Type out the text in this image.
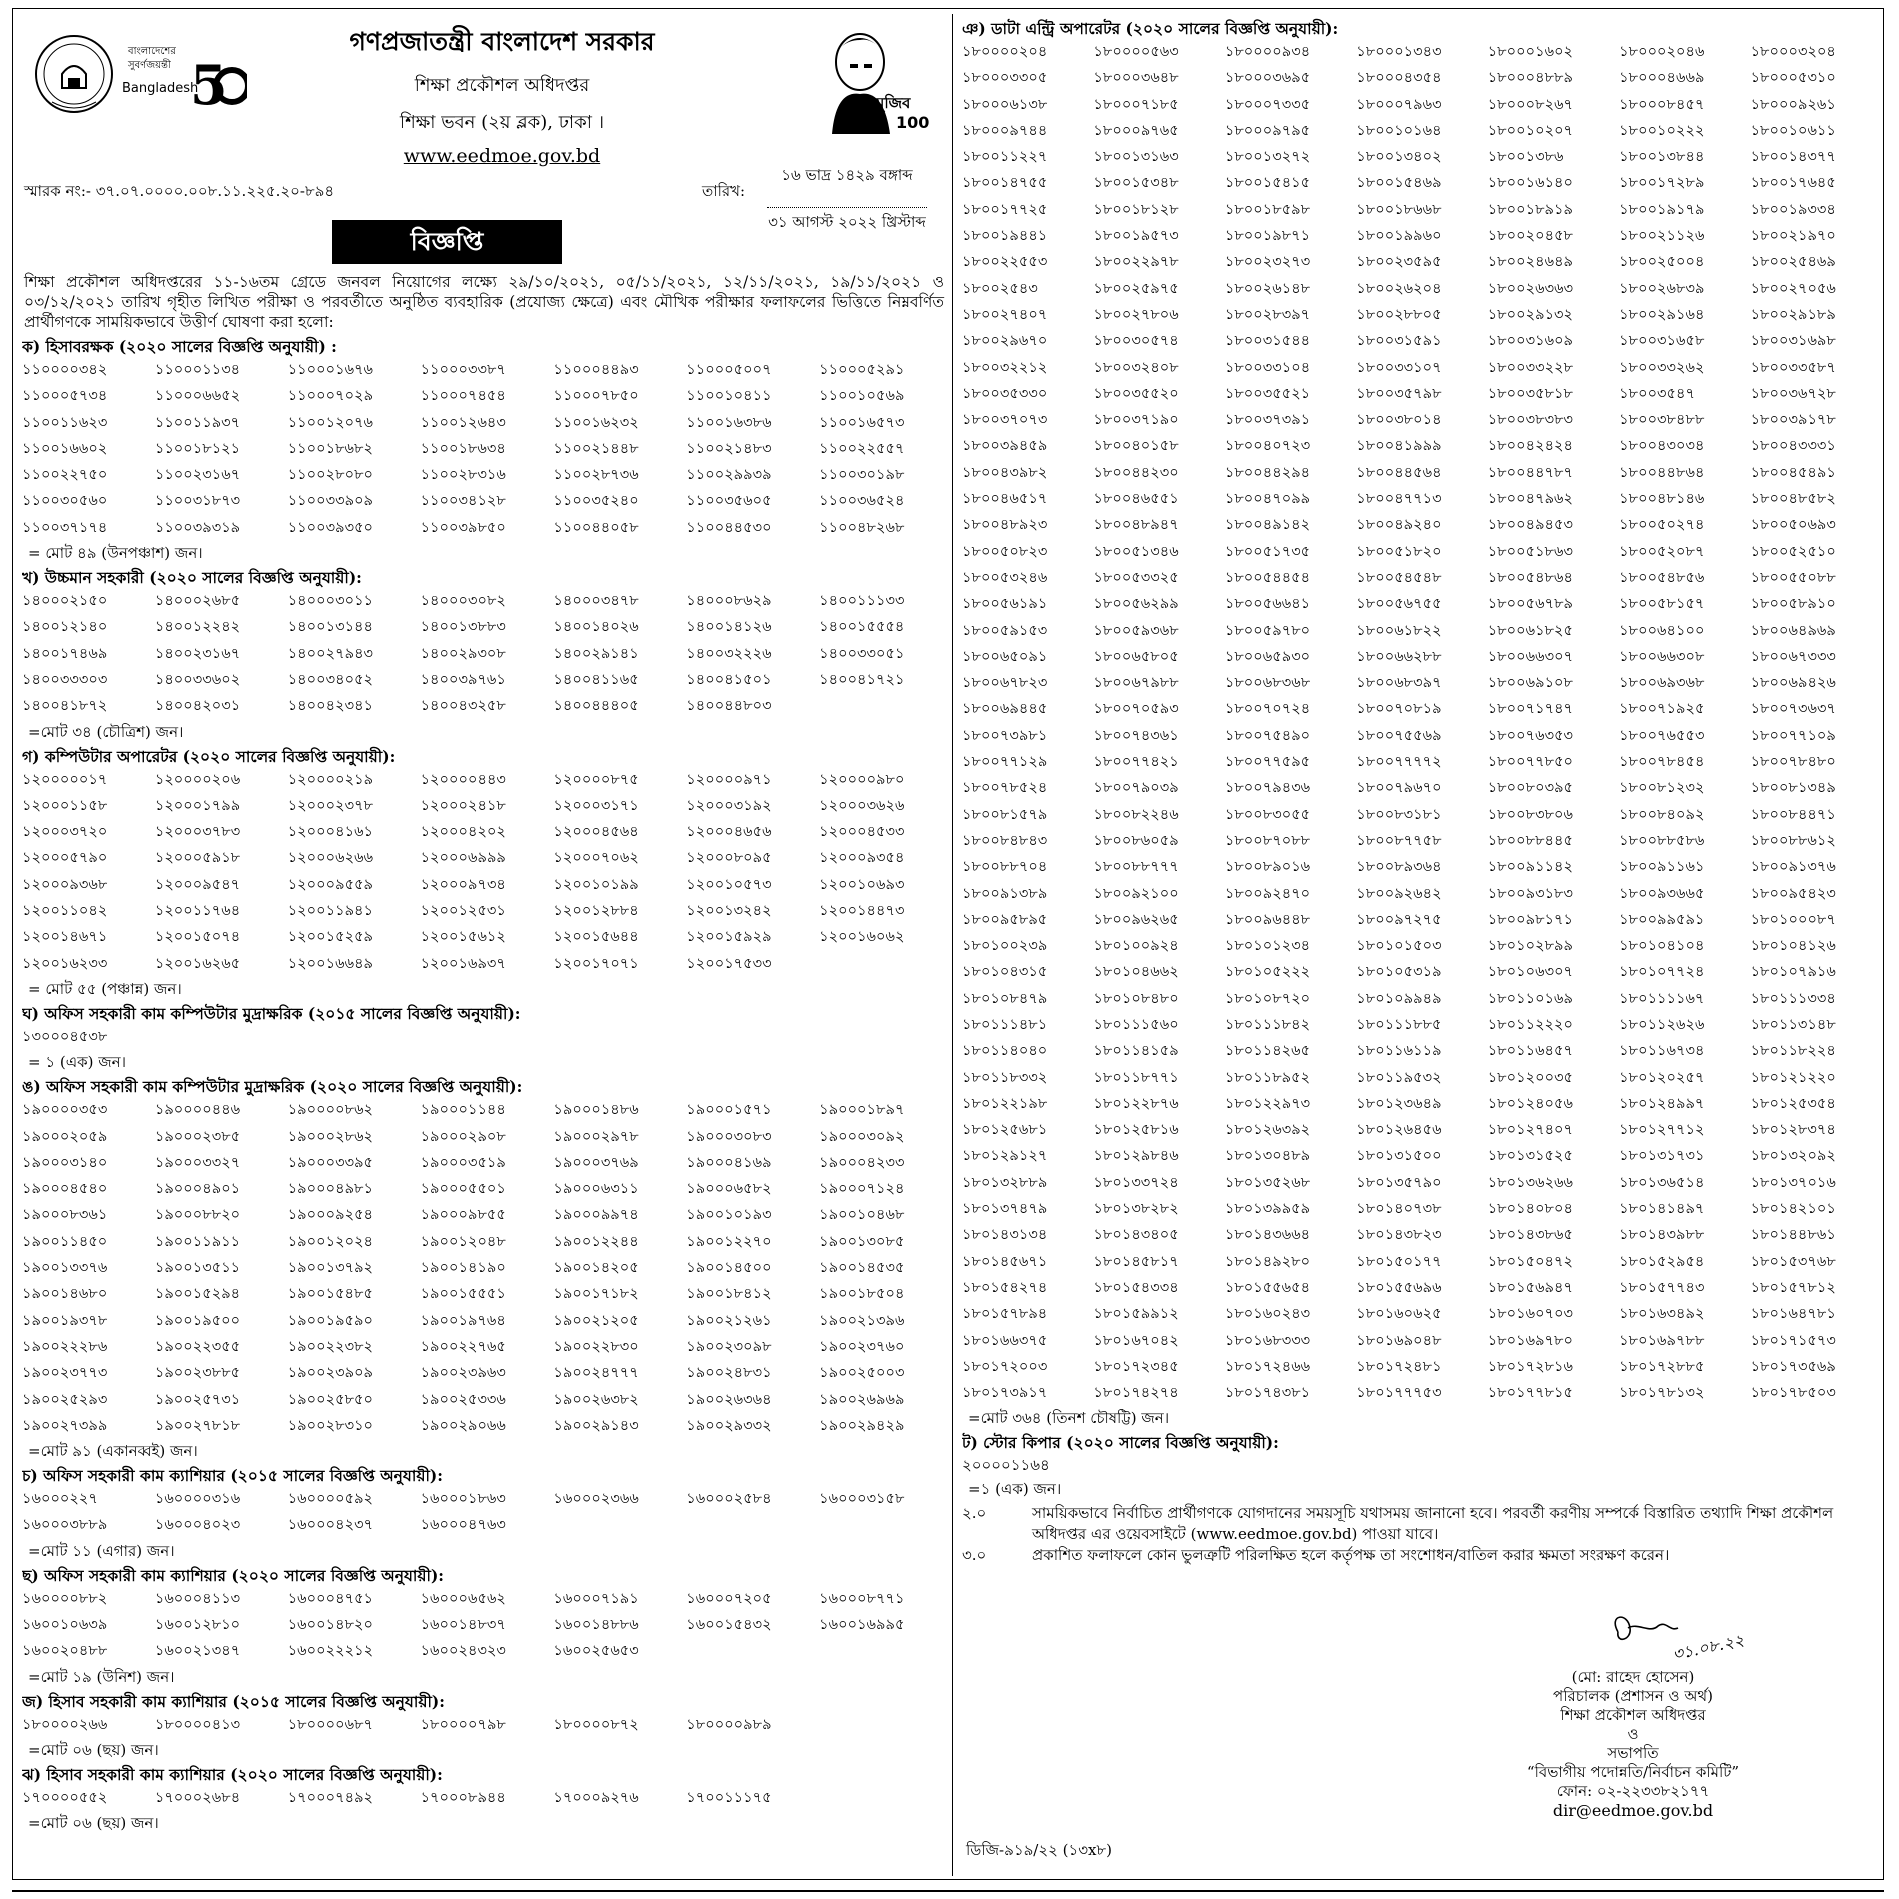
বাংলাদেশের
সুবর্ণজয়ন্তী
Bangladesh
5
গণপ্রজাতন্ত্রী বাংলাদেশ সরকার
শিক্ষা প্রকৌশল অধিদপ্তর
শিক্ষা ভবন (২য় ব্লক), ঢাকা ।
www.eedmoe.gov.bd
মুজিব
100
স্মারক নং:- ৩৭.০৭.০০০০.০০৮.১১.২২৫.২০-৮৯৪	তারিখ:
১৬ ভাদ্র ১৪২৯ বঙ্গাব্দ
৩১ আগস্ট ২০২২ খ্রিস্টাব্দ
বিজ্ঞপ্তি
শিক্ষা প্রকৌশল অধিদপ্তরের ১১-১৬তম গ্রেডে জনবল নিয়োগের লক্ষ্যে ২৯/১০/২০২১, ০৫/১১/২০২১, ১২/১১/২০২১, ১৯/১১/২০২১ ও ০৩/১২/২০২১ তারিখ গৃহীত লিখিত পরীক্ষা ও পরবর্তীতে অনুষ্ঠিত ব্যবহারিক (প্রযোজ্য ক্ষেত্রে) এবং মৌখিক পরীক্ষার ফলাফলের ভিত্তিতে নিম্নবর্ণিত প্রার্থীগণকে সাময়িকভাবে উত্তীর্ণ ঘোষণা করা হলো:
ক) হিসাবরক্ষক (২০২০ সালের বিজ্ঞপ্তি অনুযায়ী) :
১১০০০০৩৪২	১১০০০১১৩৪	১১০০০১৬৭৬	১১০০০৩৩৮৭	১১০০০৪৪৯৩	১১০০০৫০০৭	১১০০০৫২৯১
১১০০০৫৭৩৪	১১০০০৬৬৫২	১১০০০৭০২৯	১১০০০৭৪৫৪	১১০০০৭৮৫০	১১০০১০৪১১	১১০০১০৫৬৯
১১০০১১৬২৩	১১০০১১৯৩৭	১১০০১২০৭৬	১১০০১২৬৪৩	১১০০১৬২৩২	১১০০১৬৩৮৬	১১০০১৬৫৭৩
১১০০১৬৬০২	১১০০১৮১২১	১১০০১৮৬৮২	১১০০১৮৬৩৪	১১০০২১৪৪৮	১১০০২১৪৮৩	১১০০২২৫৫৭
১১০০২২৭৫০	১১০০২৩১৬৭	১১০০২৮০৮০	১১০০২৮৩১৬	১১০০২৮৭৩৬	১১০০২৯৯৩৯	১১০০৩০১৯৮
১১০০৩০৫৬০	১১০০৩১৮৭৩	১১০০৩৩৯০৯	১১০০৩৪১২৮	১১০০৩৫২৪০	১১০০৩৫৬০৫	১১০০৩৬৫২৪
১১০০৩৭১৭৪	১১০০৩৯৩১৯	১১০০৩৯৩৫০	১১০০৩৯৮৫০	১১০০৪৪০৫৮	১১০০৪৪৫৩০	১১০০৪৮২৬৮
= মোট ৪৯ (উনপঞ্চাশ) জন।
খ) উচ্চমান সহকারী (২০২০ সালের বিজ্ঞপ্তি অনুযায়ী):
১৪০০০২১৫০	১৪০০০২৬৮৫	১৪০০০৩০১১	১৪০০০৩০৮২	১৪০০০৩৪৭৮	১৪০০০৮৬২৯	১৪০০১১১৩৩
১৪০০১২১৪০	১৪০০১২২৪২	১৪০০১৩১৪৪	১৪০০১৩৮৮৩	১৪০০১৪০২৬	১৪০০১৪১২৬	১৪০০১৫৫৫৪
১৪০০১৭৪৬৯	১৪০০২৩১৬৭	১৪০০২৭৯৪৩	১৪০০২৯৩০৮	১৪০০২৯১৪১	১৪০০৩২২২৬	১৪০০৩৩০৫১
১৪০০৩৩৩০৩	১৪০০৩৩৬০২	১৪০০৩৪০৫২	১৪০০৩৯৭৬১	১৪০০৪১১৬৫	১৪০০৪১৫০১	১৪০০৪১৭২১
১৪০০৪১৮৭২	১৪০০৪২০৩১	১৪০০৪২৩৪১	১৪০০৪৩২৫৮	১৪০০৪৪৪০৫	১৪০০৪৪৮০৩
=মোট ৩৪ (চৌত্রিশ) জন।
গ) কম্পিউটার অপারেটর (২০২০ সালের বিজ্ঞপ্তি অনুযায়ী):
১২০০০০০১৭	১২০০০০২০৬	১২০০০০২১৯	১২০০০০৪৪৩	১২০০০০৮৭৫	১২০০০০৯৭১	১২০০০০৯৮০
১২০০০১১৫৮	১২০০০১৭৯৯	১২০০০২৩৭৮	১২০০০২৪১৮	১২০০০৩১৭১	১২০০০৩১৯২	১২০০০৩৬২৬
১২০০০৩৭২০	১২০০০৩৭৮৩	১২০০০৪১৬১	১২০০০৪২০২	১২০০০৪৫৬৪	১২০০০৪৬৫৬	১২০০০৪৫৩৩
১২০০০৫৭৯০	১২০০০৫৯১৮	১২০০০৬২৬৬	১২০০০৬৯৯৯	১২০০০৭০৬২	১২০০০৮০৯৫	১২০০০৯৩৫৪
১২০০০৯৩৬৮	১২০০০৯৫৪৭	১২০০০৯৫৫৯	১২০০০৯৭৩৪	১২০০১০১৯৯	১২০০১০৫৭৩	১২০০১০৬৯৩
১২০০১১০৪২	১২০০১১৭৬৪	১২০০১১৯৪১	১২০০১২৫৩১	১২০০১২৮৮৪	১২০০১৩২৪২	১২০০১৪৪৭৩
১২০০১৪৬৭১	১২০০১৫০৭৪	১২০০১৫২৫৯	১২০০১৫৬১২	১২০০১৫৬৪৪	১২০০১৫৯২৯	১২০০১৬০৬২
১২০০১৬২৩৩	১২০০১৬২৬৫	১২০০১৬৬৪৯	১২০০১৬৯৩৭	১২০০১৭০৭১	১২০০১৭৫৩৩
= মোট ৫৫ (পঞ্চান্ন) জন।
ঘ) অফিস সহকারী কাম কম্পিউটার মুদ্রাক্ষরিক (২০১৫ সালের বিজ্ঞপ্তি অনুযায়ী):
১৩০০০৪৫৩৮
= ১ (এক) জন।
ঙ) অফিস সহকারী কাম কম্পিউটার মুদ্রাক্ষরিক (২০২০ সালের বিজ্ঞপ্তি অনুযায়ী):
১৯০০০০৩৫৩	১৯০০০০৪৪৬	১৯০০০০৮৬২	১৯০০০১১৪৪	১৯০০০১৪৮৬	১৯০০০১৫৭১	১৯০০০১৮৯৭
১৯০০০২০৫৯	১৯০০০২৩৮৫	১৯০০০২৮৬২	১৯০০০২৯০৮	১৯০০০২৯৭৮	১৯০০০৩০৮৩	১৯০০০৩০৯২
১৯০০০৩১৪০	১৯০০০৩৩২৭	১৯০০০৩৩৯৫	১৯০০০৩৫১৯	১৯০০০৩৭৬৯	১৯০০০৪১৬৯	১৯০০০৪২৩৩
১৯০০০৪৫৪০	১৯০০০৪৯০১	১৯০০০৪৯৮১	১৯০০০৫৫০১	১৯০০০৬৩১১	১৯০০০৬৫৮২	১৯০০০৭১২৪
১৯০০০৮৩৬১	১৯০০০৮৮২০	১৯০০০৯২৫৪	১৯০০০৯৮৫৫	১৯০০০৯৯৭৪	১৯০০১০১৯৩	১৯০০১০৪৬৮
১৯০০১১৪৫০	১৯০০১১৯১১	১৯০০১২০২৪	১৯০০১২০৪৮	১৯০০১২২৪৪	১৯০০১২২৭০	১৯০০১৩০৮৫
১৯০০১৩৩৭৬	১৯০০১৩৫১১	১৯০০১৩৭৯২	১৯০০১৪১৯০	১৯০০১৪২০৫	১৯০০১৪৫০০	১৯০০১৪৫৩৫
১৯০০১৪৬৮০	১৯০০১৫২৯৪	১৯০০১৫৪৮৫	১৯০০১৫৫৫১	১৯০০১৭১৮২	১৯০০১৮৪১২	১৯০০১৮৫০৪
১৯০০১৯৩৭৮	১৯০০১৯৫০০	১৯০০১৯৫৯০	১৯০০১৯৭৬৪	১৯০০২১২০৫	১৯০০২১২৬১	১৯০০২১৩৯৬
১৯০০২২২৮৬	১৯০০২২৩৫৫	১৯০০২২৩৮২	১৯০০২২৭৬৫	১৯০০২২৮৩০	১৯০০২৩০৯৮	১৯০০২৩৭৬০
১৯০০২৩৭৭৩	১৯০০২৩৮৮৫	১৯০০২৩৯০৯	১৯০০২৩৯৬৩	১৯০০২৪৭৭৭	১৯০০২৪৮৩১	১৯০০২৫০০৩
১৯০০২৫২৯৩	১৯০০২৫৭৩১	১৯০০২৫৮৫০	১৯০০২৫৩৩৬	১৯০০২৬৩৮২	১৯০০২৬৩৬৪	১৯০০২৬৯৬৯
১৯০০২৭৩৯৯	১৯০০২৭৮১৮	১৯০০২৮৩১০	১৯০০২৯০৬৬	১৯০০২৯১৪৩	১৯০০২৯৩৩২	১৯০০২৯৪২৯
=মোট ৯১ (একানব্বই) জন।
চ) অফিস সহকারী কাম ক্যাশিয়ার (২০১৫ সালের বিজ্ঞপ্তি অনুযায়ী):
১৬০০০২২৭	১৬০০০০৩১৬	১৬০০০০৫৯২	১৬০০০১৮৬৩	১৬০০০২৩৬৬	১৬০০০২৫৮৪	১৬০০০৩১৫৮
১৬০০০৩৮৮৯	১৬০০০৪০২৩	১৬০০০৪২৩৭	১৬০০০৪৭৬৩
=মোট ১১ (এগার) জন।
ছ) অফিস সহকারী কাম ক্যাশিয়ার (২০২০ সালের বিজ্ঞপ্তি অনুযায়ী):
১৬০০০০৮৮২	১৬০০০৪১১৩	১৬০০০৪৭৫১	১৬০০০৬৫৬২	১৬০০০৭১৯১	১৬০০০৭২০৫	১৬০০০৮৭৭১
১৬০০১০৬৩৯	১৬০০১২৮১০	১৬০০১৪৮২০	১৬০০১৪৮৩৭	১৬০০১৪৮৮৬	১৬০০১৫৪৩২	১৬০০১৬৯৯৫
১৬০০২০৪৮৮	১৬০০২১৩৪৭	১৬০০২২২১২	১৬০০২৪৩২৩	১৬০০২৫৬৫৩
=মোট ১৯ (উনিশ) জন।
জ) হিসাব সহকারী কাম ক্যাশিয়ার (২০১৫ সালের বিজ্ঞপ্তি অনুযায়ী):
১৮০০০০২৬৬	১৮০০০০৪১৩	১৮০০০০৬৮৭	১৮০০০০৭৯৮	১৮০০০০৮৭২	১৮০০০০৯৮৯
=মোট ০৬ (ছয়) জন।
ঝ) হিসাব সহকারী কাম ক্যাশিয়ার (২০২০ সালের বিজ্ঞপ্তি অনুযায়ী):
১৭০০০০৫৫২	১৭০০০২৬৮৪	১৭০০০৭৪৯২	১৭০০০৮৯৪৪	১৭০০০৯২৭৬	১৭০০১১১৭৫
=মোট ০৬ (ছয়) জন।
ঞ) ডাটা এন্ট্রি অপারেটর (২০২০ সালের বিজ্ঞপ্তি অনুযায়ী):
১৮০০০০২০৪	১৮০০০০৫৬৩	১৮০০০০৯৩৪	১৮০০০১৩৪৩	১৮০০০১৬০২	১৮০০০২০৪৬	১৮০০০৩২০৪
১৮০০০৩৩০৫	১৮০০০৩৬৪৮	১৮০০০৩৬৯৫	১৮০০০৪৩৫৪	১৮০০০৪৮৮৯	১৮০০০৪৬৬৯	১৮০০০৫৩১০
১৮০০০৬১৩৮	১৮০০০৭১৮৫	১৮০০০৭৩৩৫	১৮০০০৭৯৬৩	১৮০০০৮২৬৭	১৮০০০৮৪৫৭	১৮০০০৯২৬১
১৮০০০৯৭৪৪	১৮০০০৯৭৬৫	১৮০০০৯৭৯৫	১৮০০১০১৬৪	১৮০০১০২০৭	১৮০০১০২২২	১৮০০১০৬১১
১৮০০১১২২৭	১৮০০১৩১৬৩	১৮০০১৩২৭২	১৮০০১৩৪০২	১৮০০১৩৮৬	১৮০০১৩৮৪৪	১৮০০১৪৩৭৭
১৮০০১৪৭৫৫	১৮০০১৫৩৪৮	১৮০০১৫৪১৫	১৮০০১৫৪৬৯	১৮০০১৬১৪০	১৮০০১৭২৮৯	১৮০০১৭৬৪৫
১৮০০১৭৭২৫	১৮০০১৮১২৮	১৮০০১৮৫৯৮	১৮০০১৮৬৬৮	১৮০০১৮৯১৯	১৮০০১৯১৭৯	১৮০০১৯৩৩৪
১৮০০১৯৪৪১	১৮০০১৯৫৭৩	১৮০০১৯৮৭১	১৮০০১৯৯৬০	১৮০০২০৪৫৮	১৮০০২১১২৬	১৮০০২১৯৭০
১৮০০২২৫৫৩	১৮০০২২৯৭৮	১৮০০২৩২৭৩	১৮০০২৩৫৯৫	১৮০০২৪৬৪৯	১৮০০২৫০০৪	১৮০০২৫৪৬৯
১৮০০২৫৪৩	১৮০০২৫৯৭৫	১৮০০২৬১৪৮	১৮০০২৬২০৪	১৮০০২৬৩৬৩	১৮০০২৬৮৩৯	১৮০০২৭০৫৬
১৮০০২৭৪০৭	১৮০০২৭৮০৬	১৮০০২৮৩৯৭	১৮০০২৮৮০৫	১৮০০২৯১৩২	১৮০০২৯১৬৪	১৮০০২৯১৮৯
১৮০০২৯৬৭০	১৮০০৩০৫৭৪	১৮০০৩১৫৪৪	১৮০০৩১৫৯১	১৮০০৩১৬০৯	১৮০০৩১৬৫৮	১৮০০৩১৬৯৮
১৮০০৩২২১২	১৮০০৩২৪০৮	১৮০০৩৩১০৪	১৮০০৩৩১০৭	১৮০০৩৩২২৮	১৮০০৩৩২৬২	১৮০০৩৩৫৮৭
১৮০০৩৫৩৩০	১৮০০৩৫৫২০	১৮০০৩৫৫২১	১৮০০৩৫৭৯৮	১৮০০৩৫৮১৮	১৮০০৩৫৪৭	১৮০০৩৬৭২৮
১৮০০৩৭০৭৩	১৮০০৩৭১৯০	১৮০০৩৭৩৯১	১৮০০৩৮০১৪	১৮০০৩৮৩৮৩	১৮০০৩৮৪৮৮	১৮০০৩৯১৭৮
১৮০০৩৯৪৫৯	১৮০০৪০১৫৮	১৮০০৪০৭২৩	১৮০০৪১৯৯৯	১৮০০৪২৪২৪	১৮০০৪৩০৩৪	১৮০০৪৩৩৩১
১৮০০৪৩৯৮২	১৮০০৪৪২৩০	১৮০০৪৪২৯৪	১৮০০৪৪৫৬৪	১৮০০৪৪৭৮৭	১৮০০৪৪৮৬৪	১৮০০৪৫৪৯১
১৮০০৪৬৫১৭	১৮০০৪৬৫৫১	১৮০০৪৭০৯৯	১৮০০৪৭৭১৩	১৮০০৪৭৯৬২	১৮০০৪৮১৪৬	১৮০০৪৮৫৮২
১৮০০৪৮৯২৩	১৮০০৪৮৯৪৭	১৮০০৪৯১৪২	১৮০০৪৯২৪০	১৮০০৪৯৪৫৩	১৮০০৫০২৭৪	১৮০০৫০৬৯৩
১৮০০৫০৮২৩	১৮০০৫১৩৪৬	১৮০০৫১৭৩৫	১৮০০৫১৮২০	১৮০০৫১৮৬৩	১৮০০৫২০৮৭	১৮০০৫২৫১০
১৮০০৫৩২৪৬	১৮০০৫৩৩২৫	১৮০০৫৪৪৫৪	১৮০০৫৪৫৪৮	১৮০০৫৪৮৬৪	১৮০০৫৪৮৫৬	১৮০০৫৫০৮৮
১৮০০৫৬১৯১	১৮০০৫৬২৯৯	১৮০০৫৬৬৪১	১৮০০৫৬৭৫৫	১৮০০৫৬৭৮৯	১৮০০৫৮১৫৭	১৮০০৫৮৯১০
১৮০০৫৯১৫৩	১৮০০৫৯৩৬৮	১৮০০৫৯৭৮০	১৮০০৬১৮২২	১৮০০৬১৮২৫	১৮০০৬৪১০০	১৮০০৬৪৯৬৯
১৮০০৬৫০৯১	১৮০০৬৫৮০৫	১৮০০৬৫৯৩০	১৮০০৬৬২৮৮	১৮০০৬৬৩০৭	১৮০০৬৬৩০৮	১৮০০৬৭৩৩৩
১৮০০৬৭৮২৩	১৮০০৬৭৯৮৮	১৮০০৬৮৩৬৮	১৮০০৬৮৩৯৭	১৮০০৬৯১০৮	১৮০০৬৯৩৬৮	১৮০০৬৯৪২৬
১৮০০৬৯৪৪৫	১৮০০৭০৫৯৩	১৮০০৭০৭২৪	১৮০০৭০৮১৯	১৮০০৭১৭৪৭	১৮০০৭১৯২৫	১৮০০৭৩৬৩৭
১৮০০৭৩৯৮১	১৮০০৭৪৩৬১	১৮০০৭৫৪৯০	১৮০০৭৫৫৬৯	১৮০০৭৬৩৫৩	১৮০০৭৬৫৫৩	১৮০০৭৭১০৯
১৮০০৭৭১২৯	১৮০০৭৭৪২১	১৮০০৭৭৫৯৫	১৮০০৭৭৭৭২	১৮০০৭৭৮৫০	১৮০০৭৮৪৫৪	১৮০০৭৮৪৮০
১৮০০৭৮৫২৪	১৮০০৭৯০৩৯	১৮০০৭৯৪৩৬	১৮০০৭৯৬৭০	১৮০০৮০৩৯৫	১৮০০৮১২৩২	১৮০০৮১৩৪৯
১৮০০৮১৫৭৯	১৮০০৮২২৪৬	১৮০০৮৩০৫৫	১৮০০৮৩১৮১	১৮০০৮৩৮০৬	১৮০০৮৪০৯২	১৮০০৮৪৪৭১
১৮০০৮৪৮৪৩	১৮০০৮৬০৫৯	১৮০০৮৭০৮৮	১৮০০৮৭৭৫৮	১৮০০৮৮৪৪৫	১৮০০৮৮৫৮৬	১৮০০৮৮৬১২
১৮০০৮৮৭০৪	১৮০০৮৮৭৭৭	১৮০০৮৯০১৬	১৮০০৮৯৩৬৪	১৮০০৯১১৪২	১৮০০৯১১৬১	১৮০০৯১৩৭৬
১৮০০৯১৩৮৯	১৮০০৯২১০০	১৮০০৯২৪৭০	১৮০০৯২৬৪২	১৮০০৯৩১৮৩	১৮০০৯৩৬৬৫	১৮০০৯৫৪২৩
১৮০০৯৫৮৯৫	১৮০০৯৬২৬৫	১৮০০৯৬৪৪৮	১৮০০৯৭২৭৫	১৮০০৯৮১৭১	১৮০০৯৯৫৯১	১৮০১০০০৮৭
১৮০১০০২৩৯	১৮০১০০৯২৪	১৮০১০১২৩৪	১৮০১০১৫০৩	১৮০১০২৮৯৯	১৮০১০৪১০৪	১৮০১০৪১২৬
১৮০১০৪৩১৫	১৮০১০৪৬৬২	১৮০১০৫২২২	১৮০১০৫৩১৯	১৮০১০৬৩০৭	১৮০১০৭৭২৪	১৮০১০৭৯১৬
১৮০১০৮৪৭৯	১৮০১০৮৪৮০	১৮০১০৮৭২০	১৮০১০৯৯৪৯	১৮০১১০১৬৯	১৮০১১১১৬৭	১৮০১১১৩৩৪
১৮০১১১৪৮১	১৮০১১১৫৬০	১৮০১১১৮৪২	১৮০১১১৮৮৫	১৮০১১২২২০	১৮০১১২৬২৬	১৮০১১৩১৪৮
১৮০১১৪০৪০	১৮০১১৪১৫৯	১৮০১১৪২৬৫	১৮০১১৬১১৯	১৮০১১৬৪৫৭	১৮০১১৬৭৩৪	১৮০১১৮২২৪
১৮০১১৮৩৩২	১৮০১১৮৭৭১	১৮০১১৮৯৫২	১৮০১১৯৫৩২	১৮০১২০০৩৫	১৮০১২০২৫৭	১৮০১২১২২০
১৮০১২২১৯৮	১৮০১২২৮৭৬	১৮০১২২৯৭৩	১৮০১২৩৬৪৯	১৮০১২৪০৫৬	১৮০১২৪৯৯৭	১৮০১২৫৩৫৪
১৮০১২৫৬৮১	১৮০১২৫৮১৬	১৮০১২৬৩৯২	১৮০১২৬৪৫৬	১৮০১২৭৪০৭	১৮০১২৭৭১২	১৮০১২৮৩৭৪
১৮০১২৯১২৭	১৮০১২৯৮৪৬	১৮০১৩০৪৮৯	১৮০১৩১৫০০	১৮০১৩১৫২৫	১৮০১৩১৭৩১	১৮০১৩২০৯২
১৮০১৩২৮৮৯	১৮০১৩৩৭২৪	১৮০১৩৫২৬৮	১৮০১৩৫৭৯০	১৮০১৩৬২৬৬	১৮০১৩৬৫১৪	১৮০১৩৭০১৬
১৮০১৩৭৪৭৯	১৮০১৩৮২৮২	১৮০১৩৯৯৫৯	১৮০১৪০৭৩৮	১৮০১৪০৮০৪	১৮০১৪১৪৯৭	১৮০১৪২১০১
১৮০১৪৩১৩৪	১৮০১৪৩৪০৫	১৮০১৪৩৬৬৪	১৮০১৪৩৮২৩	১৮০১৪৩৮৬৫	১৮০১৪৩৯৮৮	১৮০১৪৪৮৬১
১৮০১৪৫৬৭১	১৮০১৪৫৮১৭	১৮০১৪৯২৮০	১৮০১৫০১৭৭	১৮০১৫০৪৭২	১৮০১৫২৯৫৪	১৮০১৫৩৭৬৮
১৮০১৫৪২৭৪	১৮০১৫৪৩৩৪	১৮০১৫৫৬৫৪	১৮০১৫৫৬৯৬	১৮০১৫৬৯৪৭	১৮০১৫৭৭৪৩	১৮০১৫৭৮১২
১৮০১৫৭৮৯৪	১৮০১৫৯৯১২	১৮০১৬০২৪৩	১৮০১৬০৬২৫	১৮০১৬০৭০৩	১৮০১৬৩৪৯২	১৮০১৬৪৭৮১
১৮০১৬৬৩৭৫	১৮০১৬৭০৪২	১৮০১৬৮৩৩৩	১৮০১৬৯০৪৮	১৮০১৬৯৭৮০	১৮০১৬৯৭৮৮	১৮০১৭১৫৭৩
১৮০১৭২০০৩	১৮০১৭২৩৪৫	১৮০১৭২৪৬৬	১৮০১৭২৪৮১	১৮০১৭২৮১৬	১৮০১৭২৮৮৫	১৮০১৭৩৫৬৯
১৮০১৭৩৯১৭	১৮০১৭৪২৭৪	১৮০১৭৪৩৮১	১৮০১৭৭৭৫৩	১৮০১৭৭৮১৫	১৮০১৭৮১৩২	১৮০১৭৮৫০৩
=মোট ৩৬৪ (তিনশ চৌষট্টি) জন।
ট) স্টোর কিপার (২০২০ সালের বিজ্ঞপ্তি অনুযায়ী):
২০০০০১১৬৪
=১ (এক) জন।
২.০	সাময়িকভাবে নির্বাচিত প্রার্থীগণকে যোগদানের সময়সূচি যথাসময় জানানো হবে। পরবর্তী করণীয় সম্পর্কে বিস্তারিত তথ্যাদি শিক্ষা প্রকৌশল অধিদপ্তর এর ওয়েবসাইটে (www.eedmoe.gov.bd) পাওয়া যাবে।
৩.০	প্রকাশিত ফলাফলে কোন ভুলত্রুটি পরিলক্ষিত হলে কর্তৃপক্ষ তা সংশোধন/বাতিল করার ক্ষমতা সংরক্ষণ করেন।
৩১.০৮.২২
(মো: রাহেদ হোসেন)
পরিচালক (প্রশাসন ও অর্থ)
শিক্ষা প্রকৌশল অধিদপ্তর
ও
সভাপতি
“বিভাগীয় পদোন্নতি/নির্বাচন কমিটি”
ফোন: ০২-২২৩৩৮২১৭৭
dir@eedmoe.gov.bd
ডিজি-৯১৯/২২ (১৩x৮)
